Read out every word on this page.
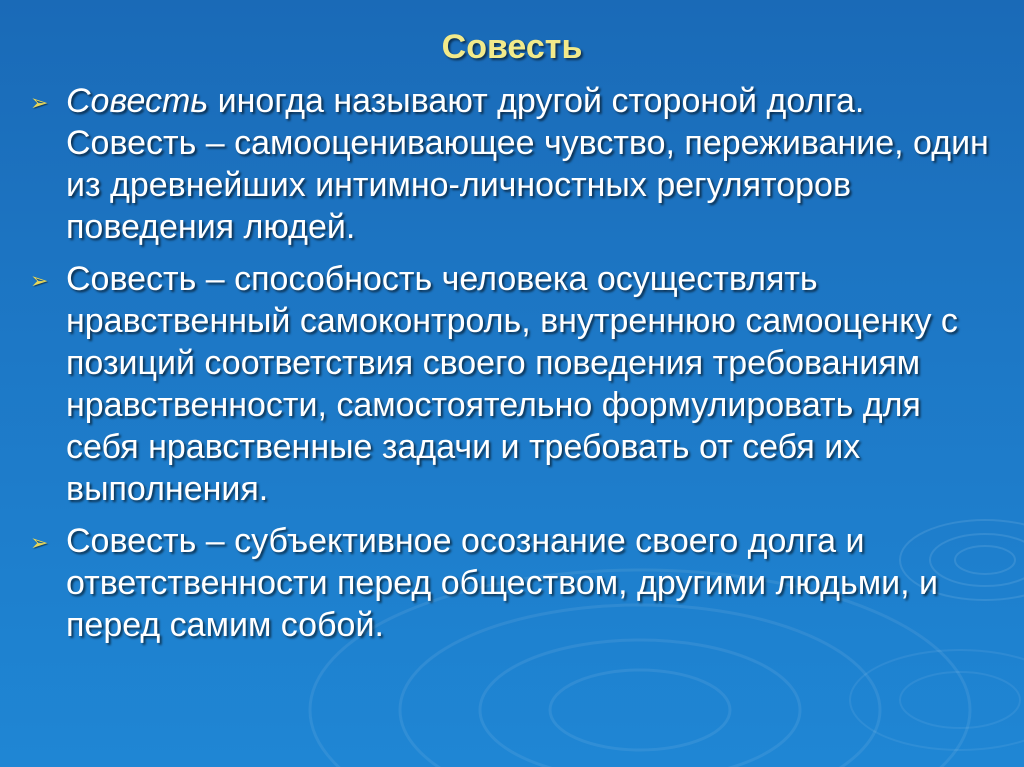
Совесть
➢ Совесть иногда называют другой стороной долга. Совесть – самооценивающее чувство, переживание, один из древнейших интимно-личностных регуляторов поведения людей.
➢ Совесть – способность человека осуществлять нравственный самоконтроль, внутреннюю самооценку с позиций соответствия своего поведения требованиям нравственности, самостоятельно формулировать для себя нравственные задачи и требовать от себя их выполнения.
➢ Совесть – субъективное осознание своего долга и ответственности перед обществом, другими людьми, и перед самим собой.
